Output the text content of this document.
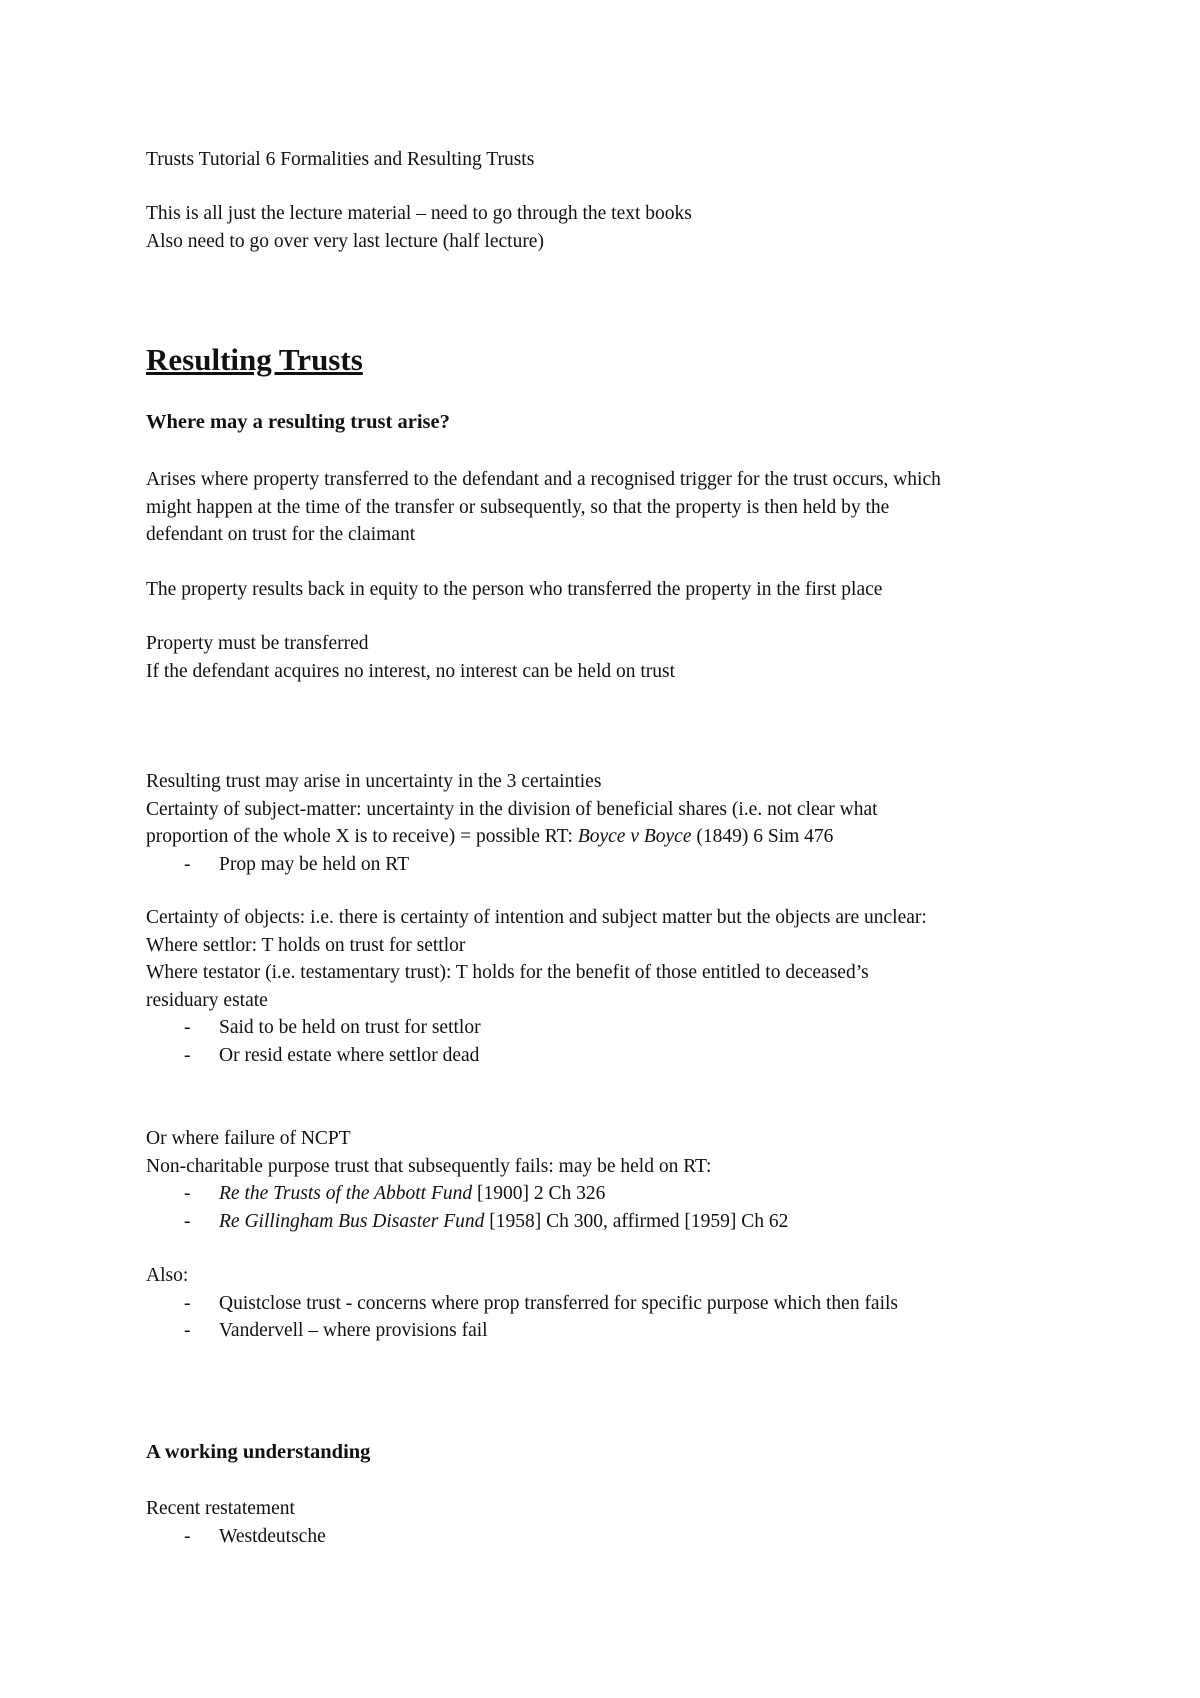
Trusts Tutorial 6 Formalities and Resulting Trusts

This is all just the lecture material – need to go through the text books
Also need to go over very last lecture (half lecture)
Resulting Trusts
Where may a resulting trust arise?
Arises where property transferred to the defendant and a recognised trigger for the trust occurs, which
might happen at the time of the transfer or subsequently, so that the property is then held by the
defendant on trust for the claimant

The property results back in equity to the person who transferred the property in the first place

Property must be transferred
If the defendant acquires no interest, no interest can be held on trust
Resulting trust may arise in uncertainty in the 3 certainties
Certainty of subject-matter: uncertainty in the division of beneficial shares (i.e. not clear what
proportion of the whole X is to receive) = possible RT: Boyce v Boyce (1849) 6 Sim 476
- Prop may be held on RT
Certainty of objects: i.e. there is certainty of intention and subject matter but the objects are unclear:
Where settlor: T holds on trust for settlor
Where testator (i.e. testamentary trust): T holds for the benefit of those entitled to deceased’s
residuary estate
- Said to be held on trust for settlor
- Or resid estate where settlor dead
Or where failure of NCPT
Non-charitable purpose trust that subsequently fails: may be held on RT:
- Re the Trusts of the Abbott Fund [1900] 2 Ch 326
- Re Gillingham Bus Disaster Fund [1958] Ch 300, affirmed [1959] Ch 62
Also:
- Quistclose trust - concerns where prop transferred for specific purpose which then fails
- Vandervell – where provisions fail
A working understanding
Recent restatement
- Westdeutsche
